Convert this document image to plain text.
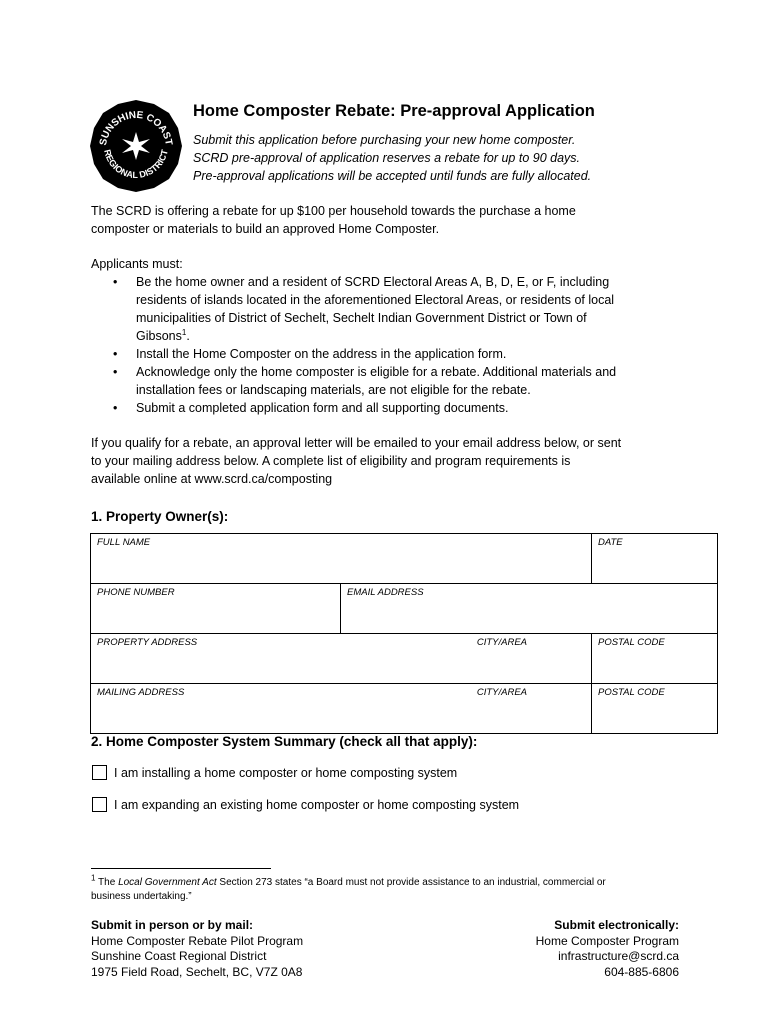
SUNSHINE COAST
REGIONAL DISTRICT
Home Composter Rebate: Pre-approval Application
Submit this application before purchasing your new home composter.
SCRD pre-approval of application reserves a rebate for up to 90 days.
Pre-approval applications will be accepted until funds are fully allocated.
The SCRD is offering a rebate for up $100 per household towards the purchase a home
composter or materials to build an approved Home Composter.
Applicants must:
• Be the home owner and a resident of SCRD Electoral Areas A, B, D, E, or F, including
residents of islands located in the aforementioned Electoral Areas, or residents of local
municipalities of District of Sechelt, Sechelt Indian Government District or Town of
Gibsons$^1$.
• Install the Home Composter on the address in the application form.
• Acknowledge only the home composter is eligible for a rebate. Additional materials and
installation fees or landscaping materials, are not eligible for the rebate.
• Submit a completed application form and all supporting documents.
If you qualify for a rebate, an approval letter will be emailed to your email address below, or sent
to your mailing address below. A complete list of eligibility and program requirements is
available online at www.scrd.ca/composting
1. Property Owner(s):
FULL NAME		DATE
PHONE NUMBER	EMAIL ADDRESS	

PROPERTY ADDRESS CITY/AREA		POSTAL CODE

MAILING ADDRESS CITY/AREA		POSTAL CODE
2. Home Composter System Summary (check all that apply):
I am installing a home composter or home composting system
I am expanding an existing home composter or home composting system
$^1$ The Local Government Act Section 273 states “a Board must not provide assistance to an industrial, commercial or
business undertaking.”
Submit in person or by mail:
Home Composter Rebate Pilot Program
Sunshine Coast Regional District
1975 Field Road, Sechelt, BC, V7Z 0A8
Submit electronically:
Home Composter Program
infrastructure@scrd.ca
604-885-6806
